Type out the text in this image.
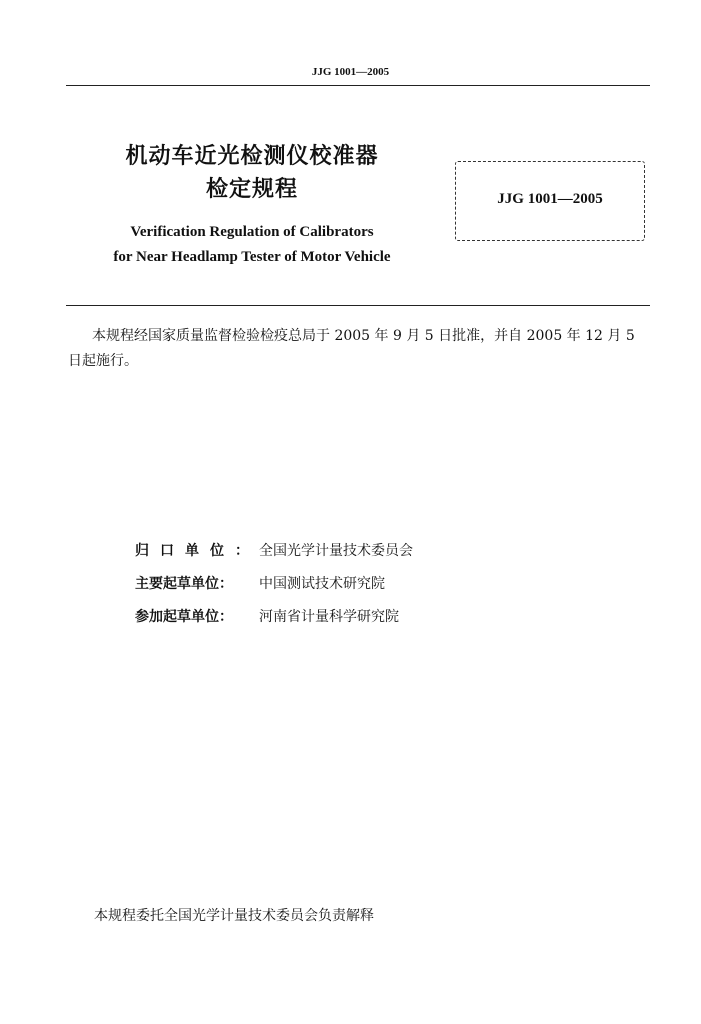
JJG 1001—2005
机动车近光检测仪校准器
检定规程
Verification Regulation of Calibrators
for Near Headlamp Tester of Motor Vehicle
JJG 1001—2005
本规程经国家质量监督检验检疫总局于 2005 年 9 月 5 日批准，并自 2005 年 12 月 5 日起施行。
归口单位：全国光学计量技术委员会
主要起草单位： 中国测试技术研究院
参加起草单位： 河南省计量科学研究院
本规程委托全国光学计量技术委员会负责解释
